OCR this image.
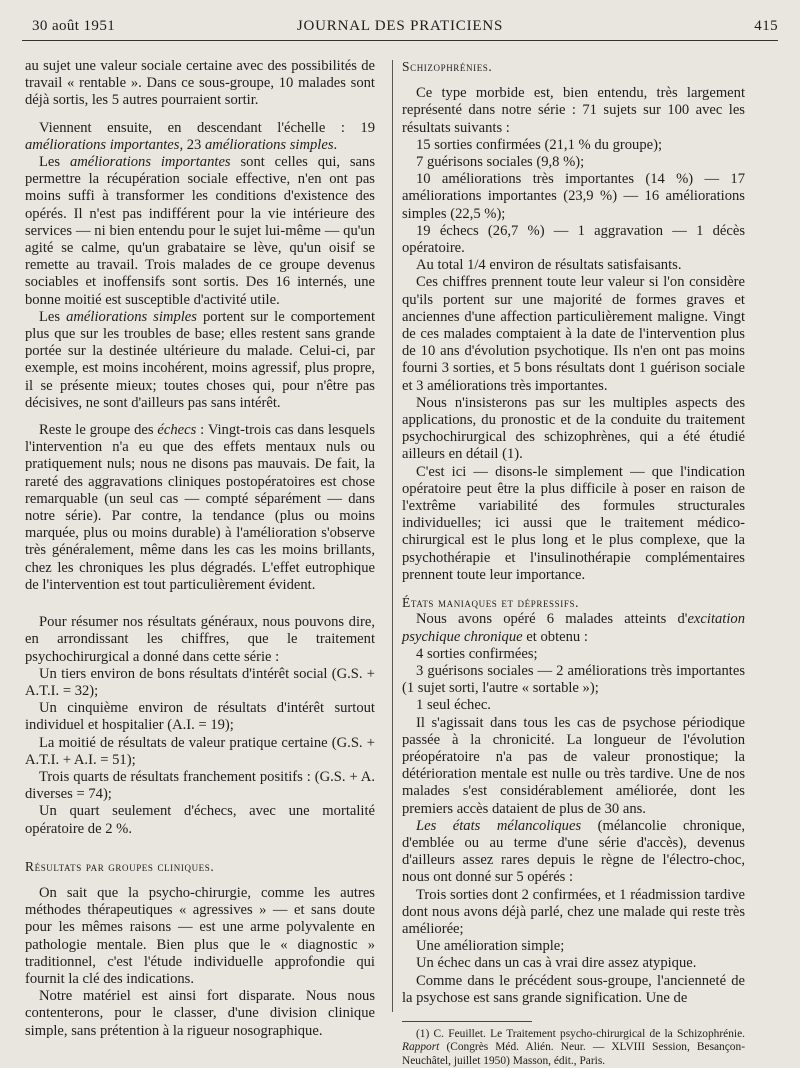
30 août 1951	JOURNAL DES PRATICIENS	415

au sujet une valeur sociale certaine avec des possibilités de travail « rentable ». Dans ce sous-groupe, 10 malades sont déjà sortis, les 5 autres pourraient sortir.

Viennent ensuite, en descendant l'échelle : 19 améliorations importantes, 23 améliorations simples.

Les améliorations importantes sont celles qui, sans permettre la récupération sociale effective, n'en ont pas moins suffi à transformer les conditions d'existence des opérés. Il n'est pas indifférent pour la vie intérieure des services — ni bien entendu pour le sujet lui-même — qu'un agité se calme, qu'un grabataire se lève, qu'un oisif se remette au travail. Trois malades de ce groupe devenus sociables et inoffensifs sont sortis. Des 16 internés, une bonne moitié est susceptible d'activité utile.

Les améliorations simples portent sur le comportement plus que sur les troubles de base; elles restent sans grande portée sur la destinée ultérieure du malade. Celui-ci, par exemple, est moins incohérent, moins agressif, plus propre, il se présente mieux; toutes choses qui, pour n'être pas décisives, ne sont d'ailleurs pas sans intérêt.

Reste le groupe des échecs : Vingt-trois cas dans lesquels l'intervention n'a eu que des effets mentaux nuls ou pratiquement nuls; nous ne disons pas mauvais. De fait, la rareté des aggravations cliniques postopératoires est chose remarquable (un seul cas — compté séparément — dans notre série). Par contre, la tendance (plus ou moins marquée, plus ou moins durable) à l'amélioration s'observe très généralement, même dans les cas les moins brillants, chez les chroniques les plus dégradés. L'effet eutrophique de l'intervention est tout particulièrement évident.

Pour résumer nos résultats généraux, nous pouvons dire, en arrondissant les chiffres, que le traitement psychochirurgical a donné dans cette série :

Un tiers environ de bons résultats d'intérêt social (G.S. + A.T.I. = 32);

Un cinquième environ de résultats d'intérêt surtout individuel et hospitalier (A.I. = 19);

La moitié de résultats de valeur pratique certaine (G.S. + A.T.I. + A.I. = 51);

Trois quarts de résultats franchement positifs : (G.S. + A. diverses = 74);

Un quart seulement d'échecs, avec une mortalité opératoire de 2 %.

Résultats par groupes cliniques.

On sait que la psycho-chirurgie, comme les autres méthodes thérapeutiques « agressives » — et sans doute pour les mêmes raisons — est une arme polyvalente en pathologie mentale. Bien plus que le « diagnostic » traditionnel, c'est l'étude individuelle approfondie qui fournit la clé des indications.

Notre matériel est ainsi fort disparate. Nous nous contenterons, pour le classer, d'une division clinique simple, sans prétention à la rigueur nosographique.

Schizophrénies.

Ce type morbide est, bien entendu, très largement représenté dans notre série : 71 sujets sur 100 avec les résultats suivants :

15 sorties confirmées (21,1 % du groupe);

7 guérisons sociales (9,8 %);

10 améliorations très importantes (14 %) — 17 améliorations importantes (23,9 %) — 16 améliorations simples (22,5 %);

19 échecs (26,7 %) — 1 aggravation — 1 décès opératoire.

Au total 1/4 environ de résultats satisfaisants.

Ces chiffres prennent toute leur valeur si l'on considère qu'ils portent sur une majorité de formes graves et anciennes d'une affection particulièrement maligne. Vingt de ces malades comptaient à la date de l'intervention plus de 10 ans d'évolution psychotique. Ils n'en ont pas moins fourni 3 sorties, et 5 bons résultats dont 1 guérison sociale et 3 améliorations très importantes.

Nous n'insisterons pas sur les multiples aspects des applications, du pronostic et de la conduite du traitement psychochirurgical des schizophrènes, qui a été étudié ailleurs en détail (1).

C'est ici — disons-le simplement — que l'indication opératoire peut être la plus difficile à poser en raison de l'extrême variabilité des formules structurales individuelles; ici aussi que le traitement médico-chirurgical est le plus long et le plus complexe, que la psychothérapie et l'insulinothérapie complémentaires prennent toute leur importance.

États maniaques et dépressifs.

Nous avons opéré 6 malades atteints d'excitation psychique chronique et obtenu :

4 sorties confirmées;

3 guérisons sociales — 2 améliorations très importantes (1 sujet sorti, l'autre « sortable »);

1 seul échec.

Il s'agissait dans tous les cas de psychose périodique passée à la chronicité. La longueur de l'évolution préopératoire n'a pas de valeur pronostique; la détérioration mentale est nulle ou très tardive. Une de nos malades s'est considérablement améliorée, dont les premiers accès dataient de plus de 30 ans.

Les états mélancoliques (mélancolie chronique, d'emblée ou au terme d'une série d'accès), devenus d'ailleurs assez rares depuis le règne de l'électro-choc, nous ont donné sur 5 opérés :

Trois sorties dont 2 confirmées, et 1 réadmission tardive dont nous avons déjà parlé, chez une malade qui reste très améliorée;

Une amélioration simple;

Un échec dans un cas à vrai dire assez atypique.

Comme dans le précédent sous-groupe, l'ancienneté de la psychose est sans grande signification. Une de

(1) C. Feuillet. Le Traitement psycho-chirurgical de la Schizophrénie. Rapport (Congrès Méd. Alién. Neur. — XLVIII Session, Besançon-Neuchâtel, juillet 1950) Masson, édit., Paris.
